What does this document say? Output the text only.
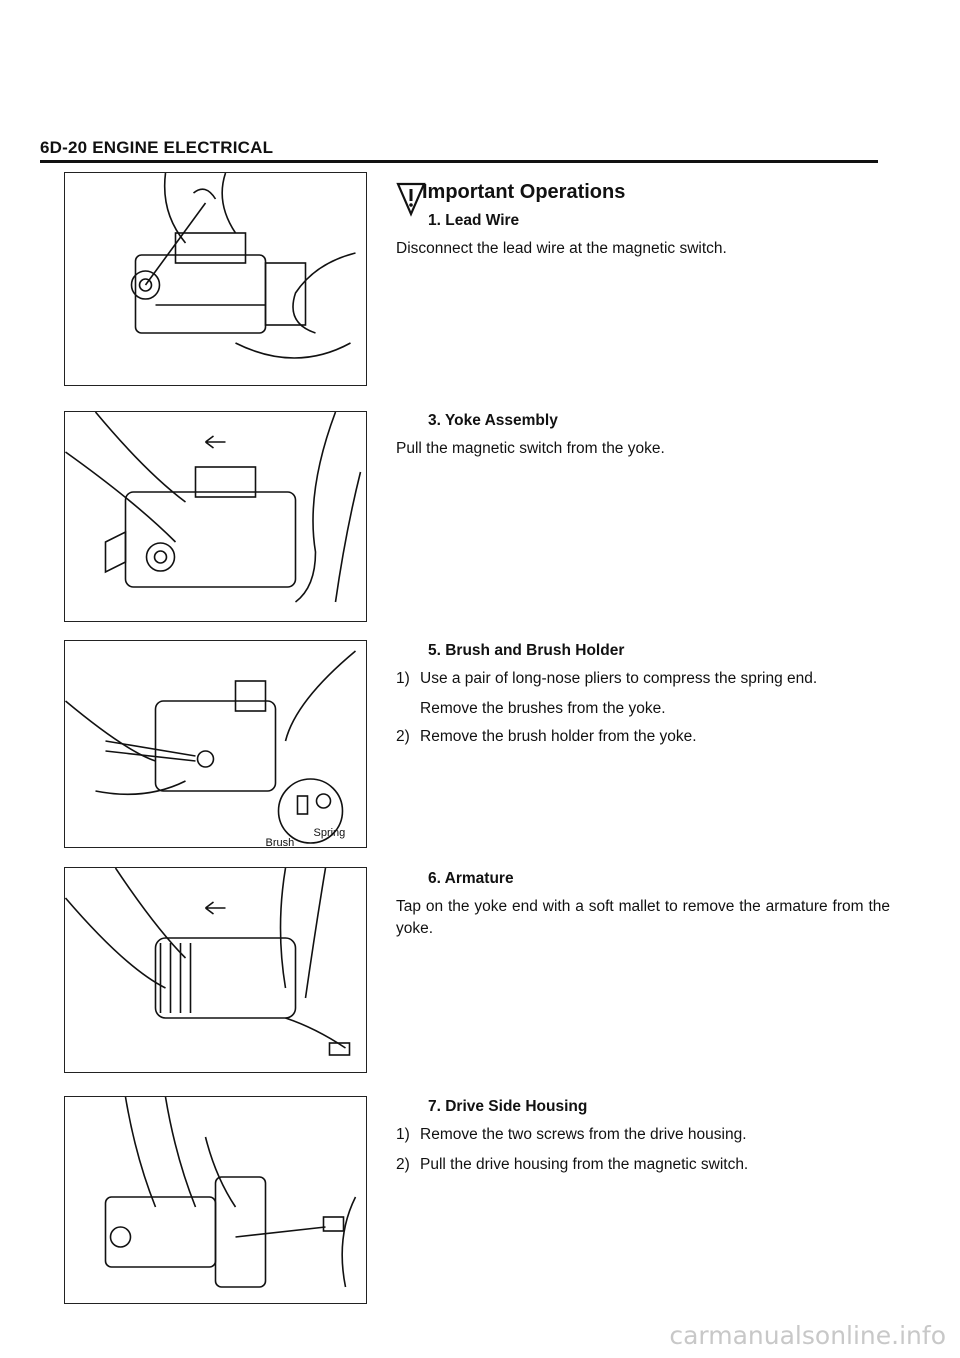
6D-20 ENGINE ELECTRICAL
Brush
Spring
Important Operations
1. Lead Wire

Disconnect the lead wire at the magnetic switch.

3. Yoke Assembly

Pull the magnetic switch from the yoke.

5. Brush and Brush Holder
1) Use a pair of long-nose pliers to compress the spring end.
Remove the brushes from the yoke.
2) Remove the brush holder from the yoke.
6. Armature

Tap on the yoke end with a soft mallet to remove the armature from the yoke.

7. Drive Side Housing
1) Remove the two screws from the drive housing.
2) Pull the drive housing from the magnetic switch.
carmanualsonline.info
